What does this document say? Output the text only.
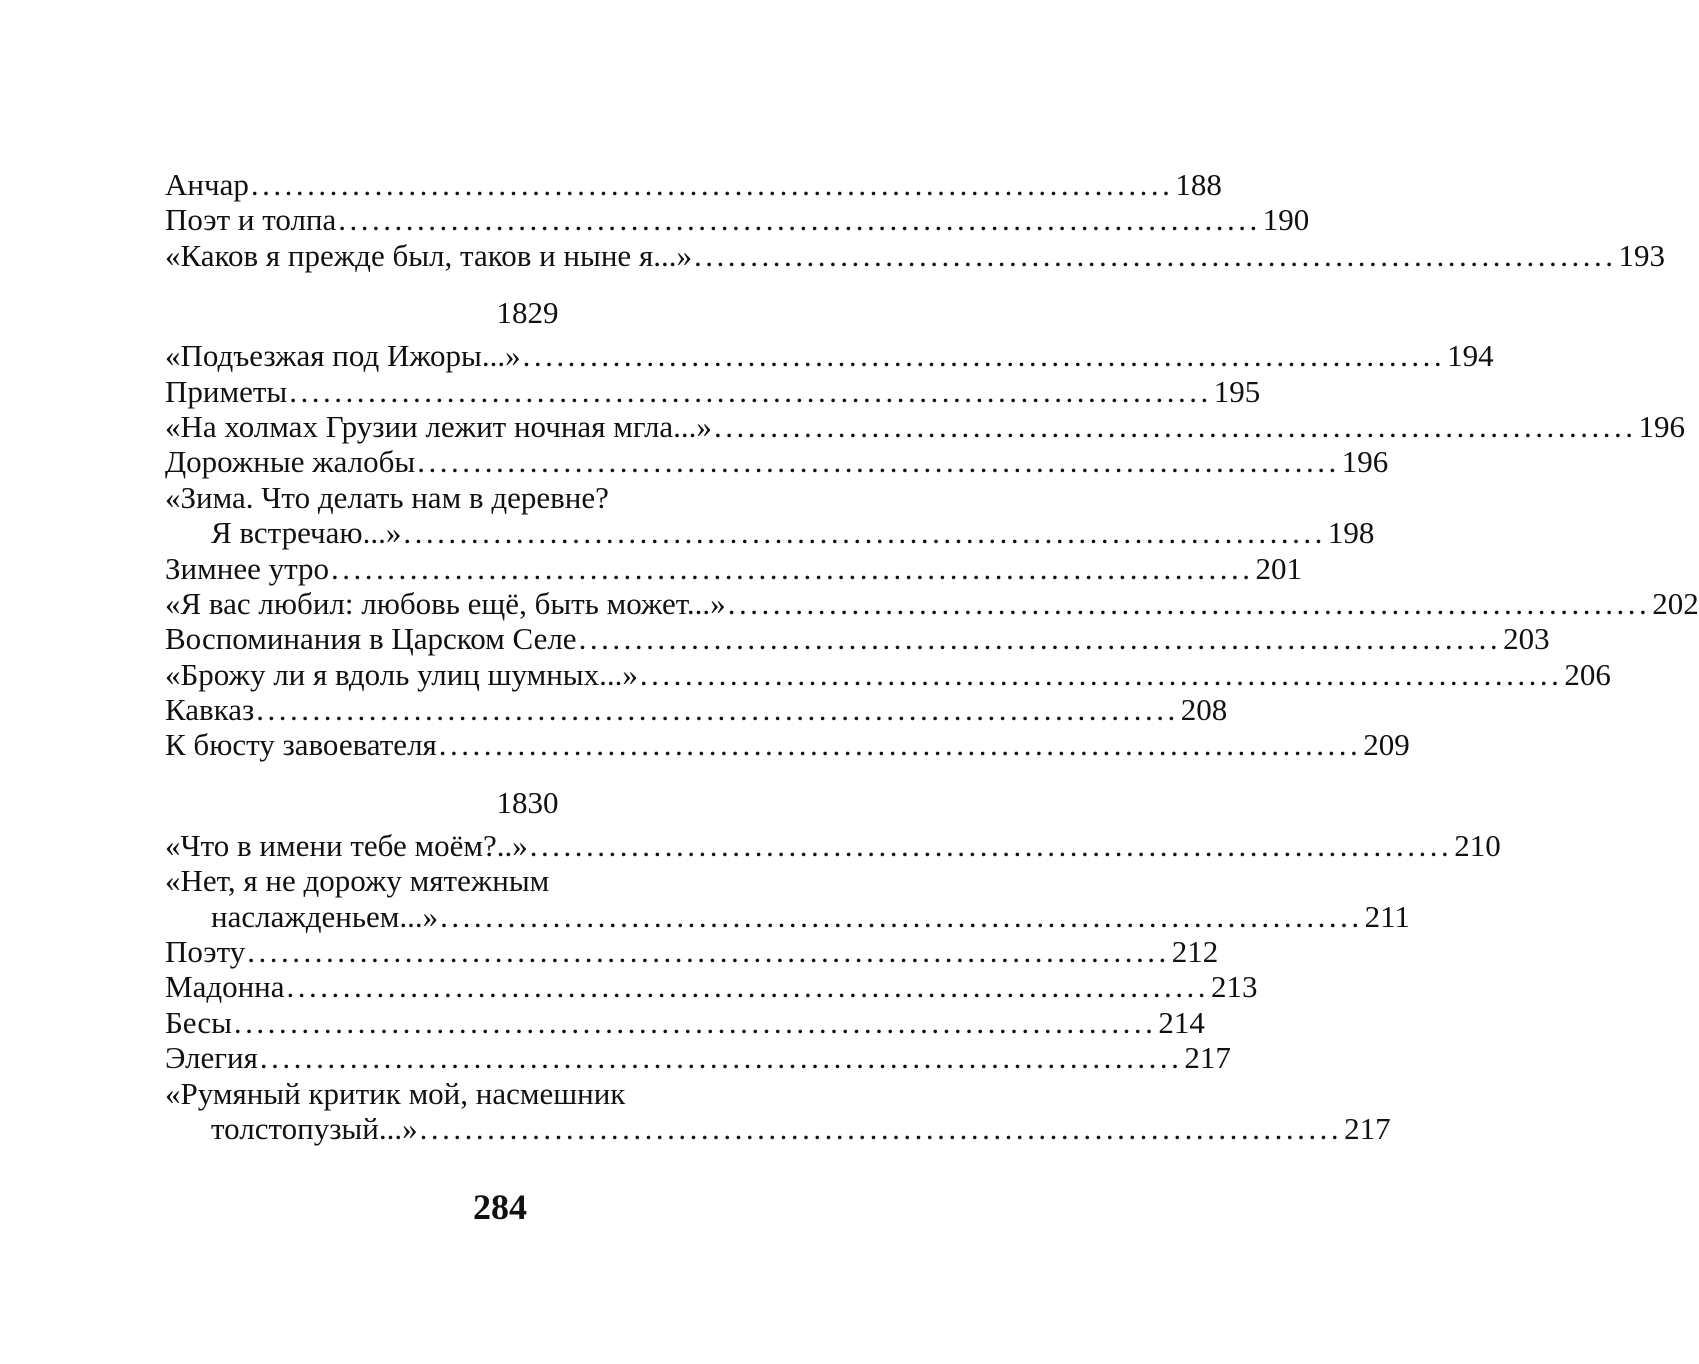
Анчар .................................................................................. 188
Поэт и толпа .................................................................................. 190
«Каков я прежде был, таков и ныне я...» .................................................................................. 193
1829
«Подъезжая под Ижоры...» .................................................................................. 194
Приметы .................................................................................. 195
«На холмах Грузии лежит ночная мгла...» .................................................................................. 196
Дорожные жалобы .................................................................................. 196
«Зима. Что делать нам в деревне?
Я встречаю...» .................................................................................. 198
Зимнее утро .................................................................................. 201
«Я вас любил: любовь ещё, быть может...» .................................................................................. 202
Воспоминания в Царском Селе .................................................................................. 203
«Брожу ли я вдоль улиц шумных...» .................................................................................. 206
Кавказ .................................................................................. 208
К бюсту завоевателя .................................................................................. 209
1830
«Что в имени тебе моём?..» .................................................................................. 210
«Нет, я не дорожу мятежным
наслажденьем...» .................................................................................. 211
Поэту .................................................................................. 212
Мадонна .................................................................................. 213
Бесы .................................................................................. 214
Элегия .................................................................................. 217
«Румяный критик мой, насмешник
толстопузый...» .................................................................................. 217
284
